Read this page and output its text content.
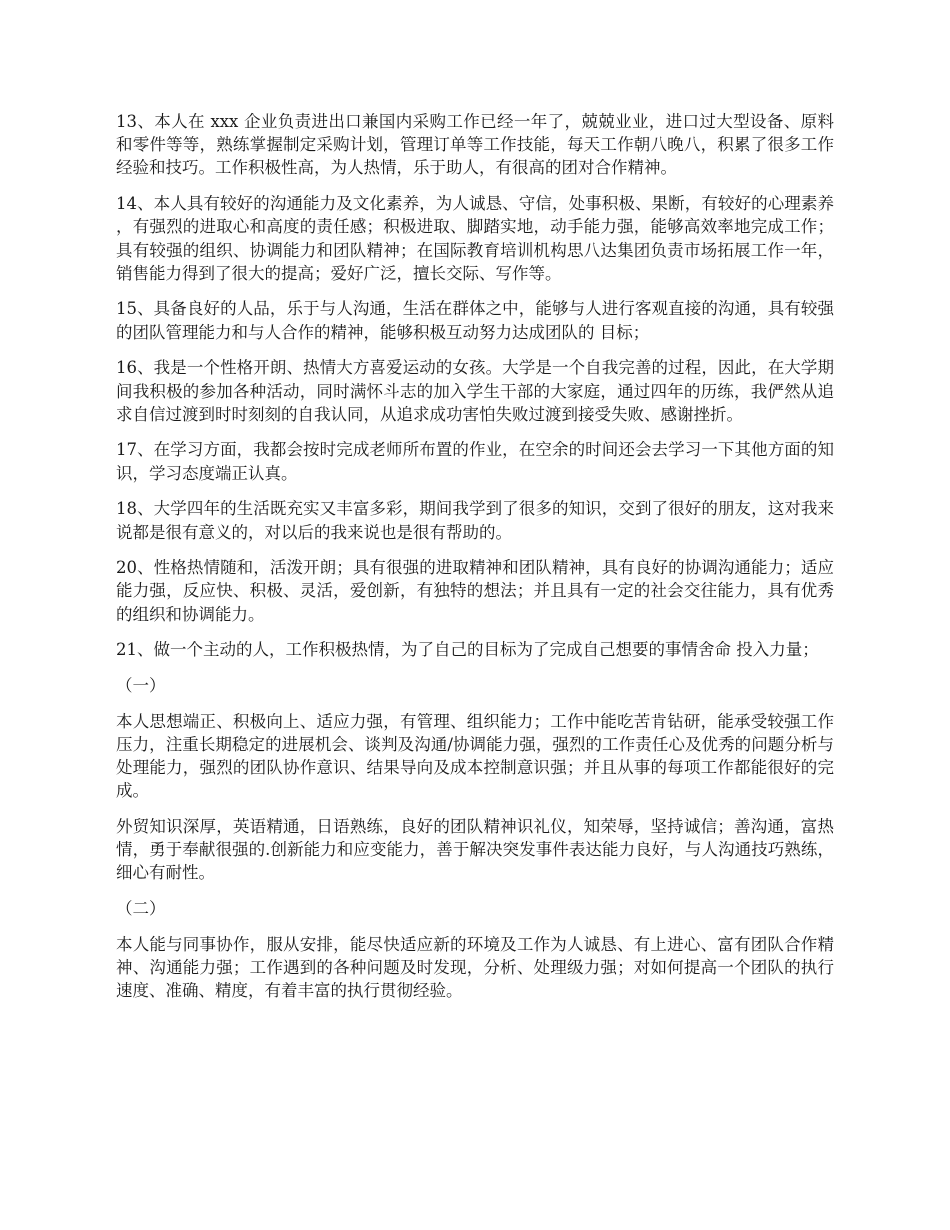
13、本人在 xxx 企业负责进出口兼国内采购工作已经一年了，兢兢业业，进口过大型设备、原料和零件等等，熟练掌握制定采购计划，管理订单等工作技能，每天工作朝八晚八，积累了很多工作经验和技巧。工作积极性高，为人热情，乐于助人，有很高的团对合作精神。

14、本人具有较好的沟通能力及文化素养，为人诚恳、守信，处事积极、果断，有较好的心理素养，有强烈的进取心和高度的责任感；积极进取、脚踏实地，动手能力强，能够高效率地完成工作；具有较强的组织、协调能力和团队精神；在国际教育培训机构思八达集团负责市场拓展工作一年，销售能力得到了很大的提高；爱好广泛，擅长交际、写作等。

15、具备良好的人品，乐于与人沟通，生活在群体之中，能够与人进行客观直接的沟通，具有较强的团队管理能力和与人合作的精神，能够积极互动努力达成团队的 目标；

16、我是一个性格开朗、热情大方喜爱运动的女孩。大学是一个自我完善的过程，因此，在大学期间我积极的参加各种活动，同时满怀斗志的加入学生干部的大家庭，通过四年的历练，我俨然从追求自信过渡到时时刻刻的自我认同，从追求成功害怕失败过渡到接受失败、感谢挫折。

17、在学习方面，我都会按时完成老师所布置的作业，在空余的时间还会去学习一下其他方面的知识，学习态度端正认真。

18、大学四年的生活既充实又丰富多彩，期间我学到了很多的知识，交到了很好的朋友，这对我来说都是很有意义的，对以后的我来说也是很有帮助的。

20、性格热情随和，活泼开朗；具有很强的进取精神和团队精神，具有良好的协调沟通能力；适应能力强，反应快、积极、灵活，爱创新，有独特的想法；并且具有一定的社会交往能力，具有优秀的组织和协调能力。

21、做一个主动的人，工作积极热情，为了自己的目标为了完成自己想要的事情舍命 投入力量；

（一）

本人思想端正、积极向上、适应力强，有管理、组织能力；工作中能吃苦肯钻研，能承受较强工作压力，注重长期稳定的进展机会、谈判及沟通/协调能力强，强烈的工作责任心及优秀的问题分析与处理能力，强烈的团队协作意识、结果导向及成本控制意识强；并且从事的每项工作都能很好的完成。

外贸知识深厚，英语精通，日语熟练，良好的团队精神识礼仪，知荣辱，坚持诚信；善沟通，富热情，勇于奉献很强的.创新能力和应变能力，善于解决突发事件表达能力良好，与人沟通技巧熟练，细心有耐性。

（二）

本人能与同事协作，服从安排，能尽快适应新的环境及工作为人诚恳、有上进心、富有团队合作精神、沟通能力强；工作遇到的各种问题及时发现，分析、处理级力强；对如何提高一个团队的执行速度、准确、精度，有着丰富的执行贯彻经验。
